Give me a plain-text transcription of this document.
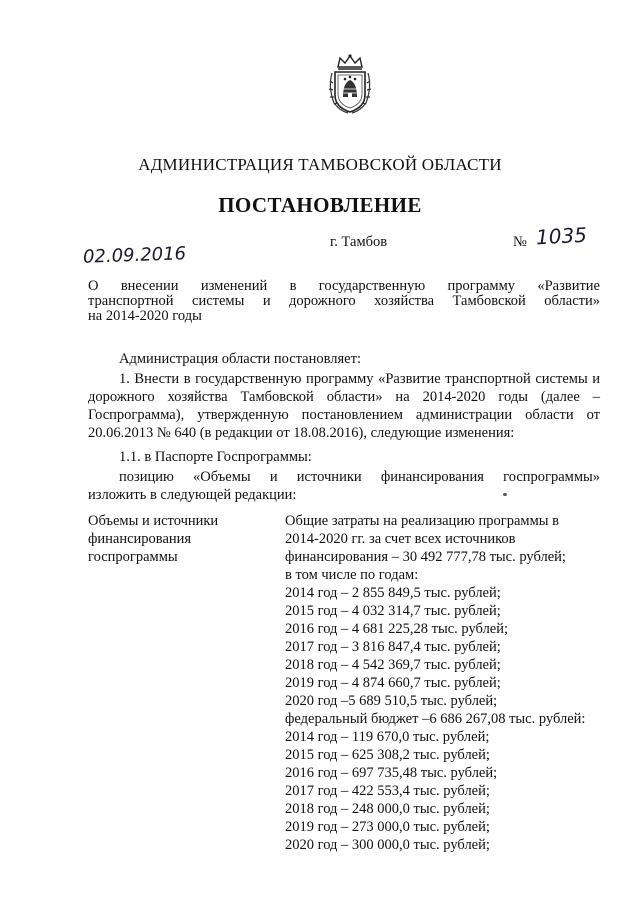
АДМИНИСТРАЦИЯ ТАМБОВСКОЙ ОБЛАСТИ
ПОСТАНОВЛЕНИЕ
02.09.2016
г. Тамбов	№ 1035
О внесении изменений в государственную программу «Развитие
транспортной системы и дорожного хозяйства Тамбовской области»
на 2014-2020 годы
Администрация области постановляет:
1. Внести в государственную программу «Развитие транспортной системы и дорожного хозяйства Тамбовской области» на 2014-2020 годы (далее – Госпрограмма), утвержденную постановлением администрации области от 20.06.2013 № 640 (в редакции от 18.08.2016), следующие изменения:
1.1. в Паспорте Госпрограммы:
позицию «Объемы и источники финансирования госпрограммы»
изложить в следующей редакции:
Объемы и источники
финансирования
госпрограммы
Общие затраты на реализацию программы в
2014-2020 гг. за счет всех источников
финансирования – 30 492 777,78 тыс. рублей;
в том числе по годам:
2014 год – 2 855 849,5 тыс. рублей;
2015 год – 4 032 314,7 тыс. рублей;
2016 год – 4 681 225,28 тыс. рублей;
2017 год – 3 816 847,4 тыс. рублей;
2018 год – 4 542 369,7 тыс. рублей;
2019 год – 4 874 660,7 тыс. рублей;
2020 год –5 689 510,5 тыс. рублей;
федеральный бюджет –6 686 267,08 тыс. рублей:
2014 год – 119 670,0 тыс. рублей;
2015 год – 625 308,2 тыс. рублей;
2016 год – 697 735,48 тыс. рублей;
2017 год – 422 553,4 тыс. рублей;
2018 год – 248 000,0 тыс. рублей;
2019 год – 273 000,0 тыс. рублей;
2020 год – 300 000,0 тыс. рублей;
